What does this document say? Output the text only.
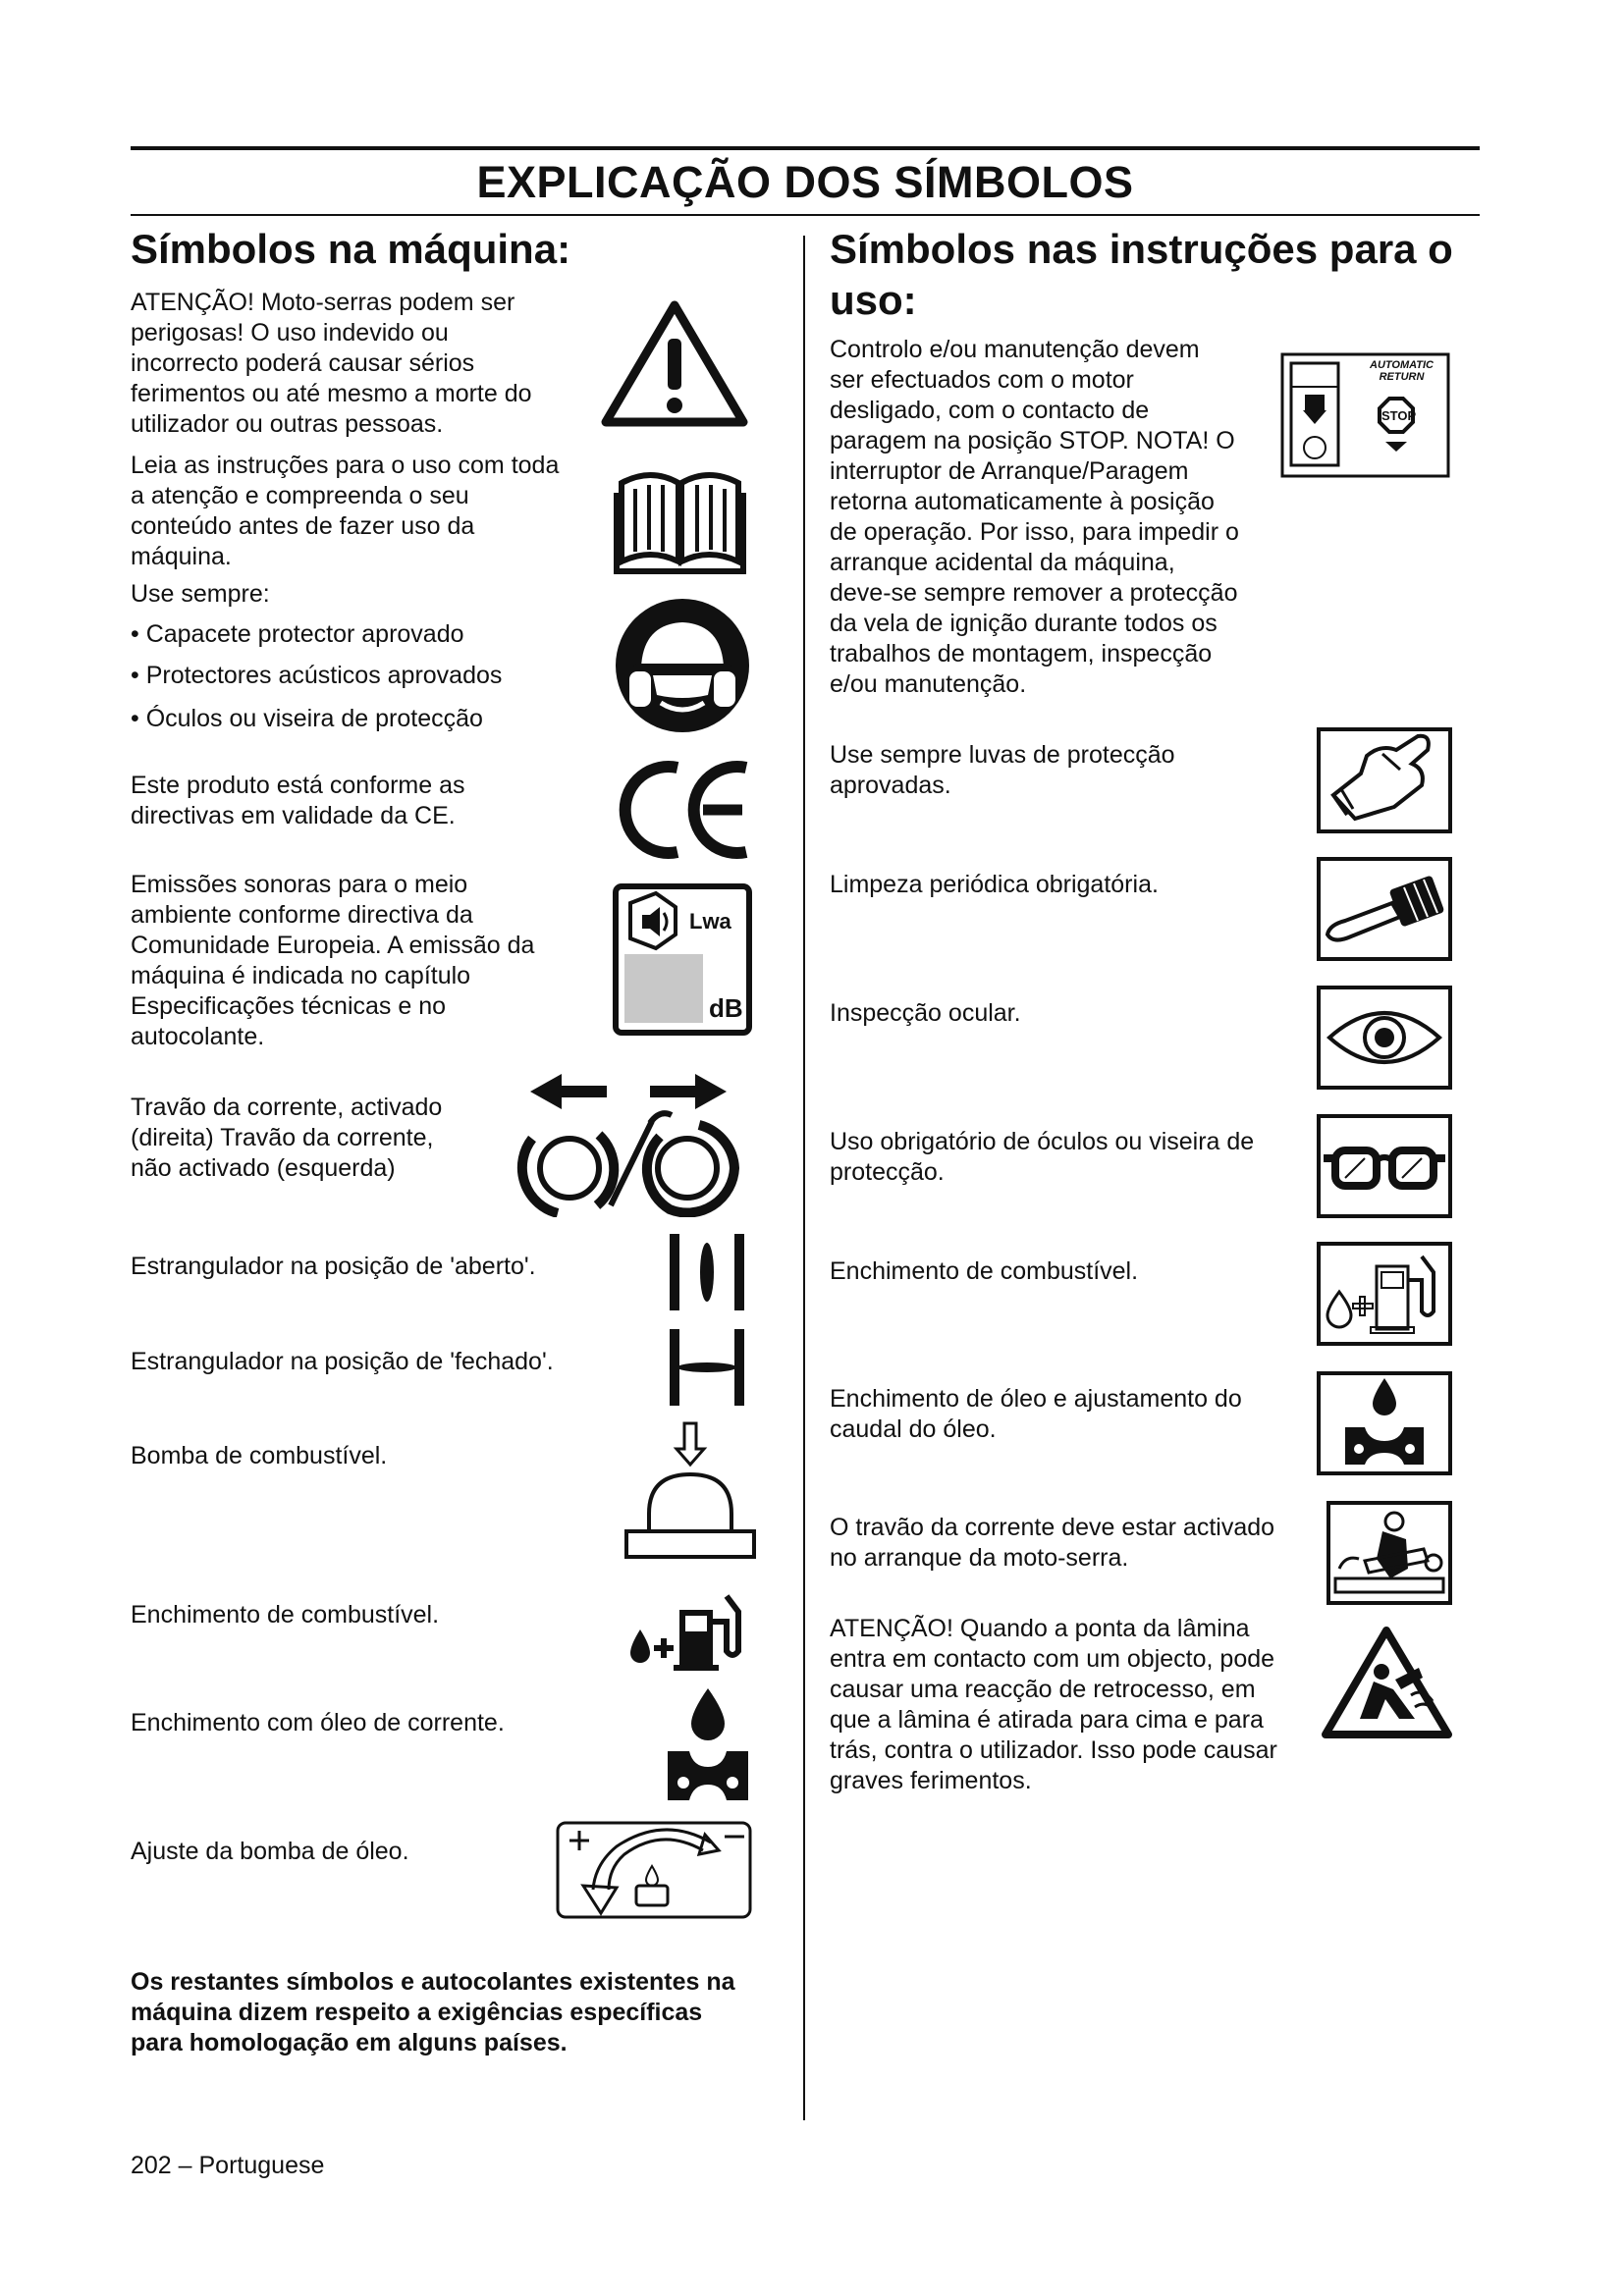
EXPLICAÇÃO DOS SÍMBOLOS
Símbolos na máquina:
ATENÇÃO! Moto-serras podem ser
perigosas! O uso indevido ou
incorrecto poderá causar sérios
ferimentos ou até mesmo a morte do
utilizador ou outras pessoas.
Leia as instruções para o uso com toda
a atenção e compreenda o seu
conteúdo antes de fazer uso da
máquina.
Use sempre:
• Capacete protector aprovado
• Protectores acústicos aprovados
• Óculos ou viseira de protecção
Este produto está conforme as
directivas em validade da CE.
Emissões sonoras para o meio
ambiente conforme directiva da
Comunidade Europeia. A emissão da
máquina é indicada no capítulo
Especificações técnicas e no
autocolante.
Travão da corrente, activado
(direita) Travão da corrente,
não activado (esquerda)
Estrangulador na posição de 'aberto'.
Estrangulador na posição de 'fechado'.
Bomba de combustível.
Enchimento de combustível.
Enchimento com óleo de corrente.
Ajuste da bomba de óleo.
Os restantes símbolos e autocolantes existentes na
máquina dizem respeito a exigências específicas
para homologação em alguns países.
Lwa
dB
Símbolos nas instruções para o
uso:
Controlo e/ou manutenção devem
ser efectuados com o motor
desligado, com o contacto de
paragem na posição STOP. NOTA! O
interruptor de Arranque/Paragem
retorna automaticamente à posição
de operação. Por isso, para impedir o
arranque acidental da máquina,
deve-se sempre remover a protecção
da vela de ignição durante todos os
trabalhos de montagem, inspecção
e/ou manutenção.
Use sempre luvas de protecção
aprovadas.
Limpeza periódica obrigatória.
Inspecção ocular.
Uso obrigatório de óculos ou viseira de
protecção.
Enchimento de combustível.
Enchimento de óleo e ajustamento do
caudal do óleo.
O travão da corrente deve estar activado
no arranque da moto-serra.
ATENÇÃO! Quando a ponta da lâmina
entra em contacto com um objecto, pode
causar uma reacção de retrocesso, em
que a lâmina é atirada para cima e para
trás, contra o utilizador. Isso pode causar
graves ferimentos.
AUTOMATIC
RETURN
STOP
202 – Portuguese
